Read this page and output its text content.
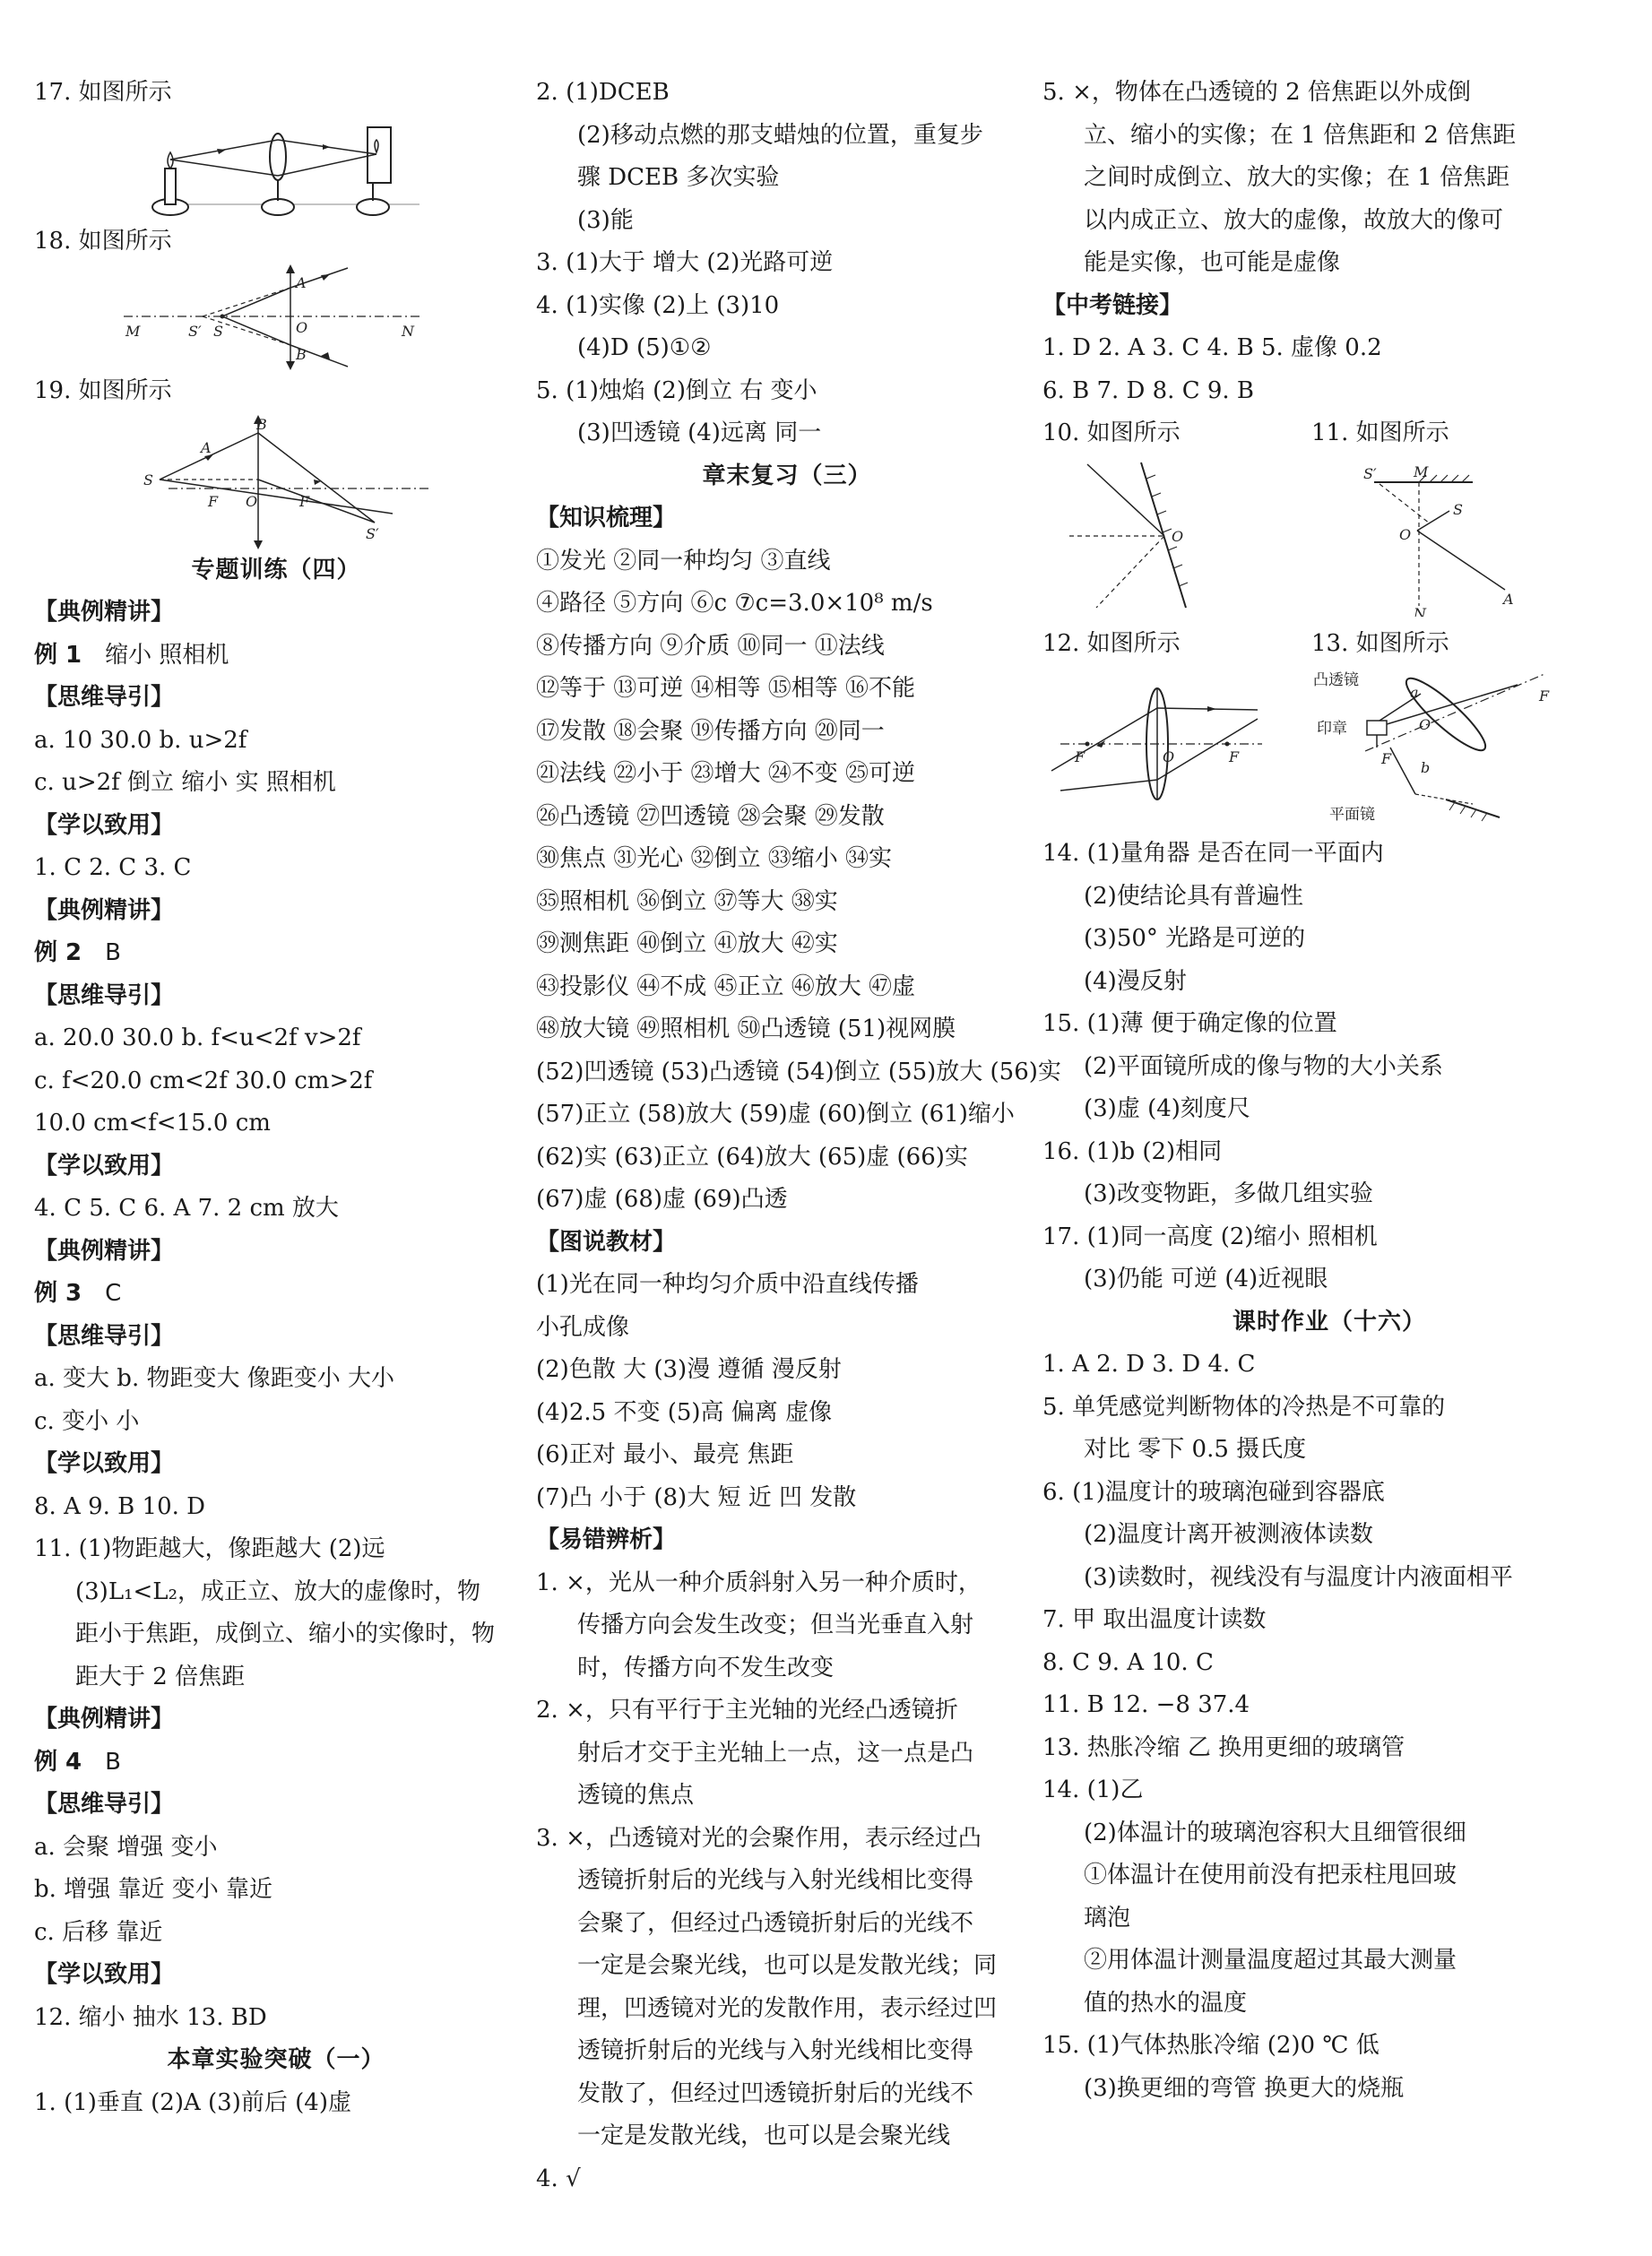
17. 如图所示
18. 如图所示
M	S′ S	O	N
A
B
19. 如图所示
B
A
S
F O	F
S′
专题训练（四）
【典例精讲】
例 1 缩小 照相机
【思维导引】
a. 10 30.0 b. u>2f
c. u>2f 倒立 缩小 实 照相机
【学以致用】
1. C 2. C 3. C
【典例精讲】
例 2 B
【思维导引】
a. 20.0 30.0 b. f<u<2f v>2f
c. f<20.0 cm<2f 30.0 cm>2f
10.0 cm<f<15.0 cm
【学以致用】
4. C 5. C 6. A 7. 2 cm 放大
【典例精讲】
例 3 C
【思维导引】
a. 变大 b. 物距变大 像距变小 大小
c. 变小 小
【学以致用】
8. A 9. B 10. D
11. (1)物距越大，像距越大 (2)远
(3)L₁<L₂，成正立、放大的虚像时，物
距小于焦距，成倒立、缩小的实像时，物
距大于 2 倍焦距
【典例精讲】
例 4 B
【思维导引】
a. 会聚 增强 变小
b. 增强 靠近 变小 靠近
c. 后移 靠近
【学以致用】
12. 缩小 抽水 13. BD
本章实验突破（一）
1. (1)垂直 (2)A (3)前后 (4)虚
2. (1)DCEB
(2)移动点燃的那支蜡烛的位置，重复步
骤 DCEB 多次实验
(3)能
3. (1)大于 增大 (2)光路可逆
4. (1)实像 (2)上 (3)10
(4)D (5)①②
5. (1)烛焰 (2)倒立 右 变小
(3)凹透镜 (4)远离 同一
章末复习（三）
【知识梳理】
①发光 ②同一种均匀 ③直线
④路径 ⑤方向 ⑥c ⑦c=3.0×10⁸ m/s
⑧传播方向 ⑨介质 ⑩同一 ⑪法线
⑫等于 ⑬可逆 ⑭相等 ⑮相等 ⑯不能
⑰发散 ⑱会聚 ⑲传播方向 ⑳同一
㉑法线 ㉒小于 ㉓增大 ㉔不变 ㉕可逆
㉖凸透镜 ㉗凹透镜 ㉘会聚 ㉙发散
㉚焦点 ㉛光心 ㉜倒立 ㉝缩小 ㉞实
㉟照相机 ㊱倒立 ㊲等大 ㊳实
㊴测焦距 ㊵倒立 ㊶放大 ㊷实
㊸投影仪 ㊹不成 ㊺正立 ㊻放大 ㊼虚
㊽放大镜 ㊾照相机 ㊿凸透镜 (51)视网膜
(52)凹透镜 (53)凸透镜 (54)倒立 (55)放大 (56)实
(57)正立 (58)放大 (59)虚 (60)倒立 (61)缩小
(62)实 (63)正立 (64)放大 (65)虚 (66)实
(67)虚 (68)虚 (69)凸透
【图说教材】
(1)光在同一种均匀介质中沿直线传播
小孔成像
(2)色散 大 (3)漫 遵循 漫反射
(4)2.5 不变 (5)高 偏离 虚像
(6)正对 最小、最亮 焦距
(7)凸 小于 (8)大 短 近 凹 发散
【易错辨析】
1. ×，光从一种介质斜射入另一种介质时，
传播方向会发生改变；但当光垂直入射
时，传播方向不发生改变
2. ×，只有平行于主光轴的光经凸透镜折
射后才交于主光轴上一点，这一点是凸
透镜的焦点
3. ×，凸透镜对光的会聚作用，表示经过凸
透镜折射后的光线与入射光线相比变得
会聚了，但经过凸透镜折射后的光线不
一定是会聚光线，也可以是发散光线；同
理，凹透镜对光的发散作用，表示经过凹
透镜折射后的光线与入射光线相比变得
发散了，但经过凹透镜折射后的光线不
一定是发散光线，也可以是会聚光线
4. √
5. ×，物体在凸透镜的 2 倍焦距以外成倒
立、缩小的实像；在 1 倍焦距和 2 倍焦距
之间时成倒立、放大的实像；在 1 倍焦距
以内成正立、放大的虚像，故放大的像可
能是实像，也可能是虚像
【中考链接】
1. D 2. A 3. C 4. B 5. 虚像 0.2
6. B 7. D 8. C 9. B
10. 如图所示
O
11. 如图所示
S′	M
S
O
A
N
12. 如图所示
F	O	F
13. 如图所示
凸透镜
印章
a	F
O
F
b
平面镜
14. (1)量角器 是否在同一平面内
(2)使结论具有普遍性
(3)50° 光路是可逆的
(4)漫反射
15. (1)薄 便于确定像的位置
(2)平面镜所成的像与物的大小关系
(3)虚 (4)刻度尺
16. (1)b (2)相同
(3)改变物距，多做几组实验
17. (1)同一高度 (2)缩小 照相机
(3)仍能 可逆 (4)近视眼
课时作业（十六）
1. A 2. D 3. D 4. C
5. 单凭感觉判断物体的冷热是不可靠的
对比 零下 0.5 摄氏度
6. (1)温度计的玻璃泡碰到容器底
(2)温度计离开被测液体读数
(3)读数时，视线没有与温度计内液面相平
7. 甲 取出温度计读数
8. C 9. A 10. C
11. B 12. −8 37.4
13. 热胀冷缩 乙 换用更细的玻璃管
14. (1)乙
(2)体温计的玻璃泡容积大且细管很细
①体温计在使用前没有把汞柱甩回玻
璃泡
②用体温计测量温度超过其最大测量
值的热水的温度
15. (1)气体热胀冷缩 (2)0 ℃ 低
(3)换更细的弯管 换更大的烧瓶
